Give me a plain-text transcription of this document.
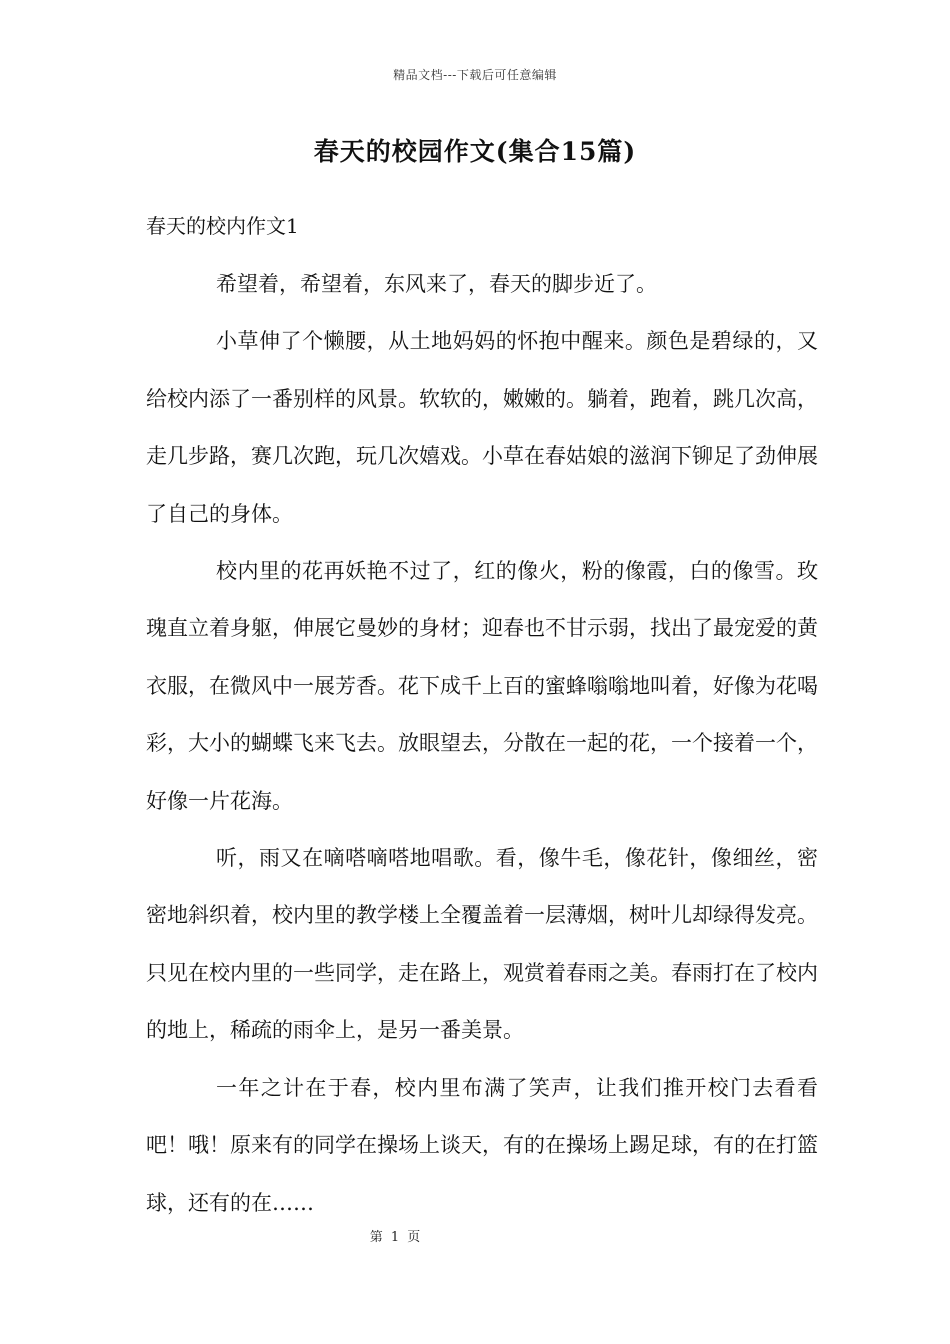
精品文档---下载后可任意编辑
春天的校园作文(集合15篇)
春天的校内作文1

希望着，希望着，东风来了，春天的脚步近了。

小草伸了个懒腰，从土地妈妈的怀抱中醒来。颜色是碧绿的，又给校内添了一番别样的风景。软软的，嫩嫩的。躺着，跑着，跳几次高，走几步路，赛几次跑，玩几次嬉戏。小草在春姑娘的滋润下铆足了劲伸展了自己的身体。

校内里的花再妖艳不过了，红的像火，粉的像霞，白的像雪。玫瑰直立着身躯，伸展它曼妙的身材；迎春也不甘示弱，找出了最宠爱的黄衣服，在微风中一展芳香。花下成千上百的蜜蜂嗡嗡地叫着，好像为花喝彩，大小的蝴蝶飞来飞去。放眼望去，分散在一起的花，一个接着一个，好像一片花海。

听，雨又在嘀嗒嘀嗒地唱歌。看，像牛毛，像花针，像细丝，密密地斜织着，校内里的教学楼上全覆盖着一层薄烟，树叶儿却绿得发亮。只见在校内里的一些同学，走在路上，观赏着春雨之美。春雨打在了校内的地上，稀疏的雨伞上，是另一番美景。

一年之计在于春，校内里布满了笑声，让我们推开校门去看看吧！哦！原来有的同学在操场上谈天，有的在操场上踢足球，有的在打篮球，还有的在……

第 1 页
